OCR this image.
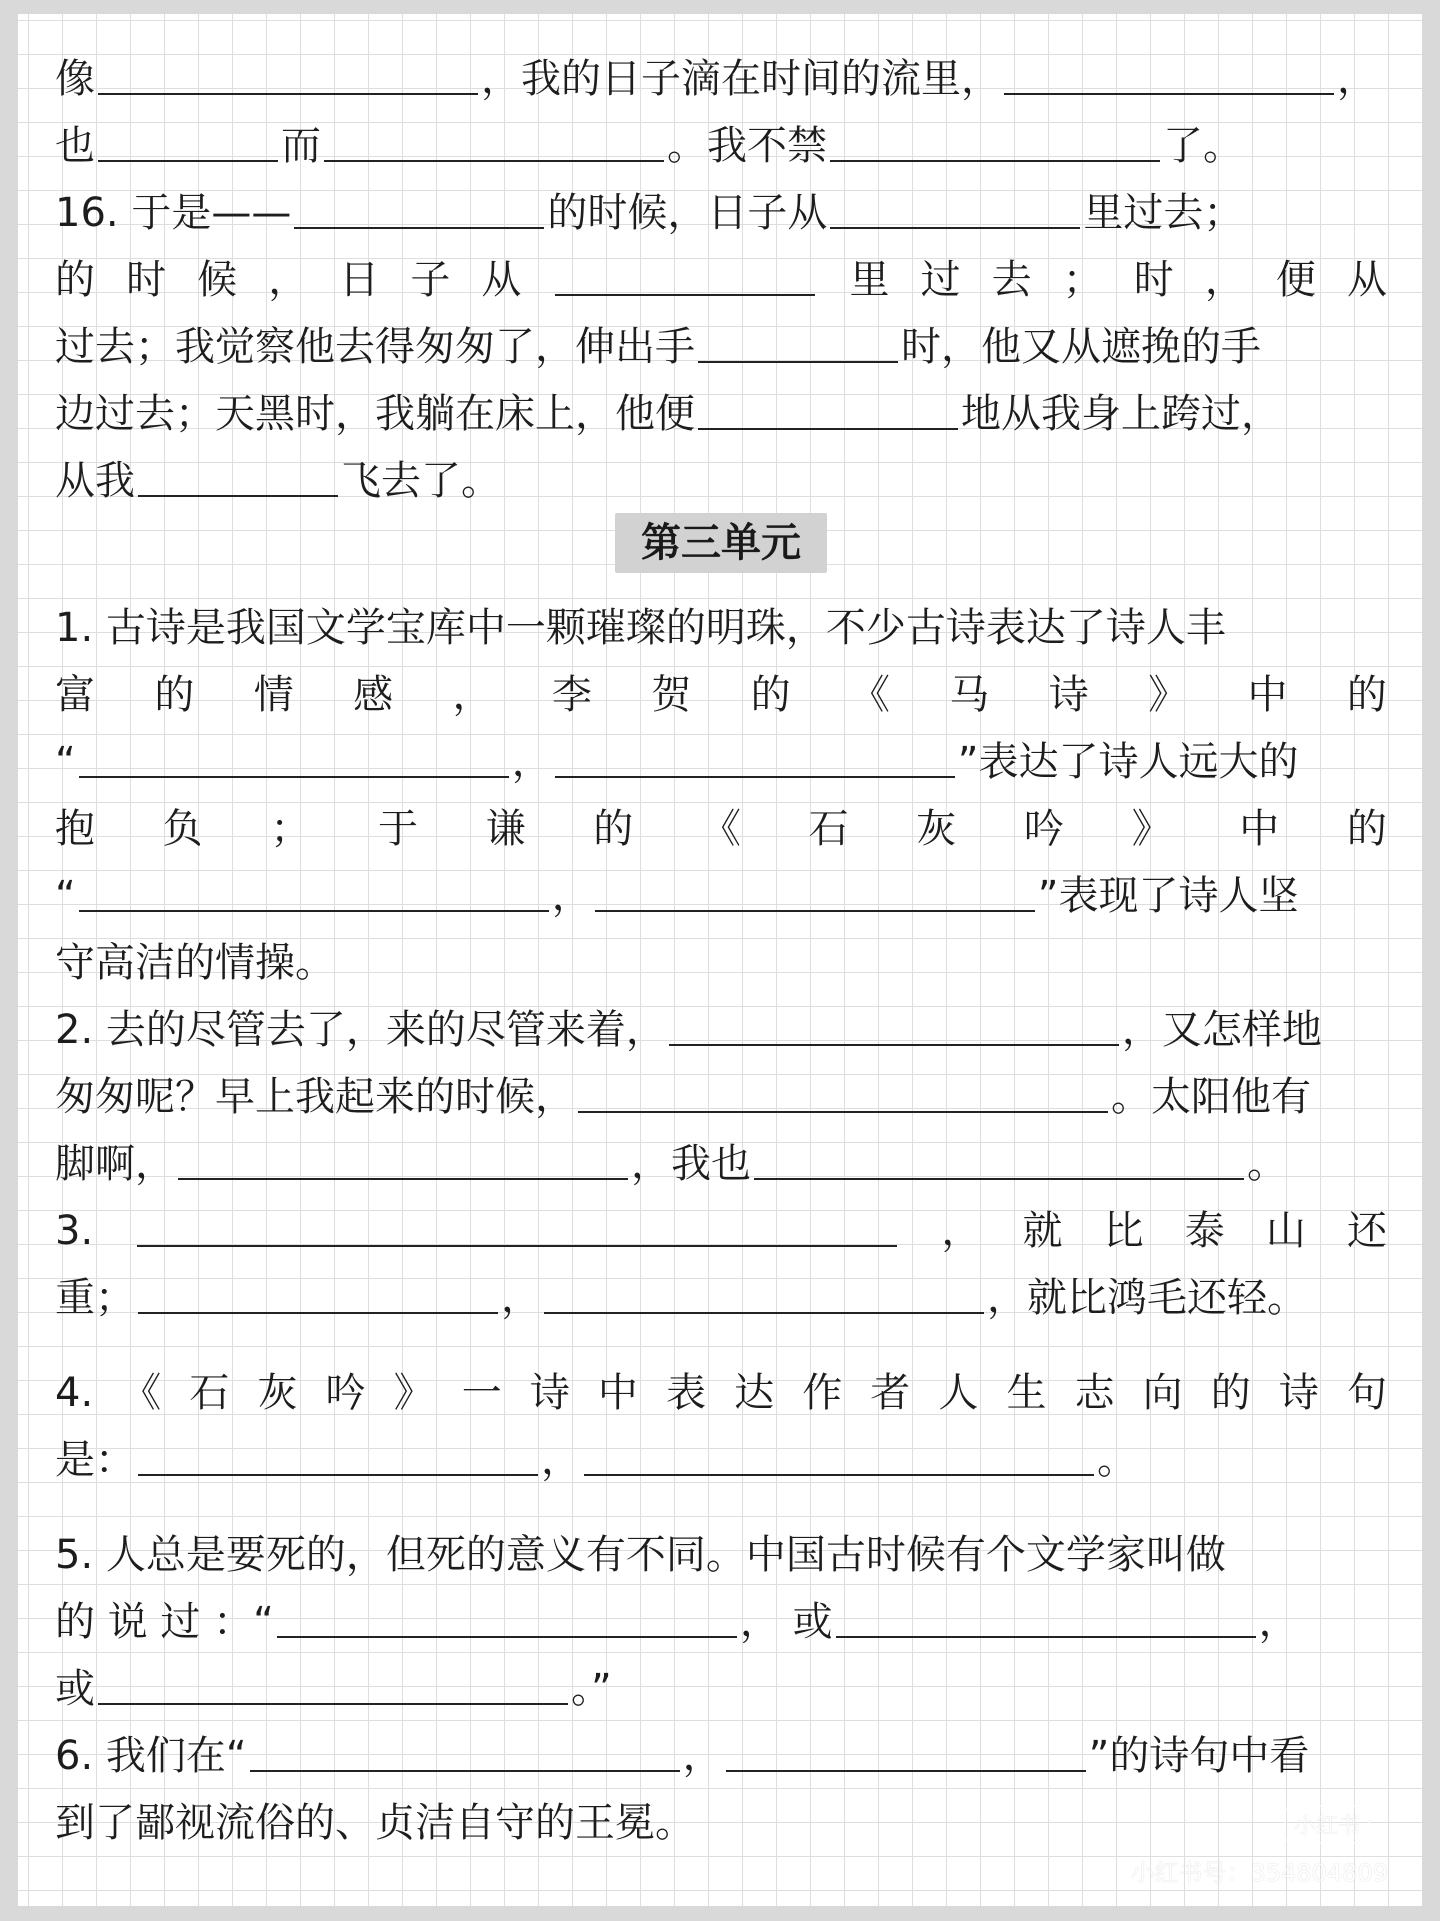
像	，我的日子滴在时间的流里，	，
也	而	。我不禁	了。
16. 于是——	的时候，日子从	里过去；
的 时 候 ， 日 子 从	里 过 去 ； 时 ， 便 从
过去；我觉察他去得匆匆了，伸出手	时，他又从遮挽的手
边过去；天黑时，我躺在床上，他便	地从我身上跨过，
从我	飞去了。
第三单元
1. 古诗是我国文学宝库中一颗璀璨的明珠，不少古诗表达了诗人丰
富 的 情 感 ， 李 贺 的 《 马 诗 》 中 的
“	，	”表达了诗人远大的
抱 负 ； 于 谦 的 《 石 灰 吟 》 中 的
“	，	”表现了诗人坚
守高洁的情操。
2. 去的尽管去了，来的尽管来着，	，又怎样地
匆匆呢？早上我起来的时候，	。太阳他有
脚啊，	，我也	。
3.	， 就 比 泰 山 还
重；	，	，就比鸿毛还轻。
4. 《 石 灰 吟 》 一 诗 中 表 达 作 者 人 生 志 向 的 诗 句
是：	，	。
5. 人总是要死的，但死的意义有不同。中国古时候有个文学家叫做
的 说 过 ：“	， 或	，
或	。”
6. 我们在“	，	”的诗句中看
到了鄙视流俗的、贞洁自守的王冕。	小红书
小红书号：354804809
